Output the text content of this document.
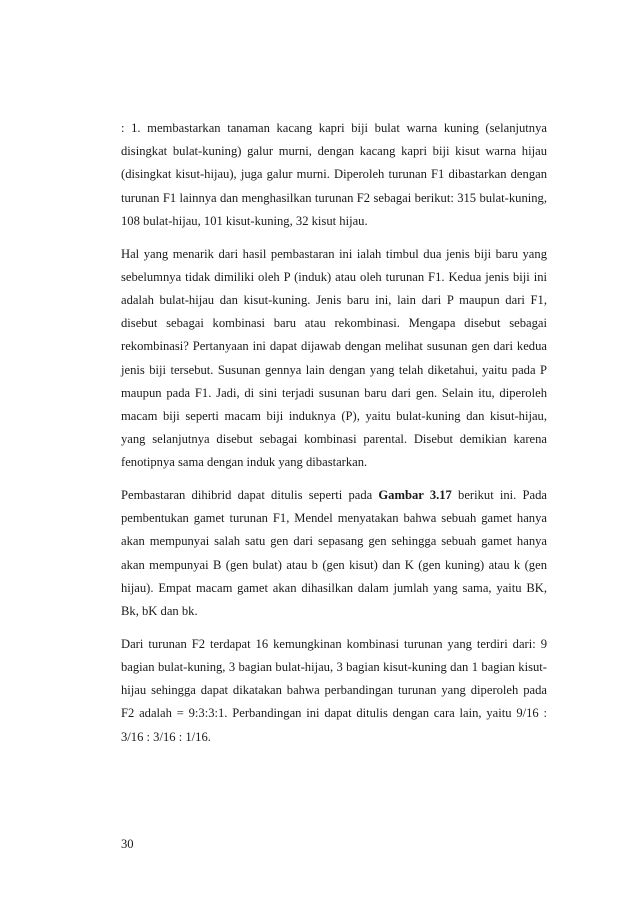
: 1. membastarkan tanaman kacang kapri biji bulat warna kuning (selanjutnya disingkat bulat-kuning) galur murni, dengan kacang kapri biji kisut warna hijau (disingkat kisut-hijau), juga galur murni. Diperoleh turunan F1 dibastarkan dengan turunan F1 lainnya dan menghasilkan turunan F2 sebagai berikut: 315 bulat-kuning, 108 bulat-hijau, 101 kisut-kuning, 32 kisut hijau.

Hal yang menarik dari hasil pembastaran ini ialah timbul dua jenis biji baru yang sebelumnya tidak dimiliki oleh P (induk) atau oleh turunan F1. Kedua jenis biji ini adalah bulat-hijau dan kisut-kuning. Jenis baru ini, lain dari P maupun dari F1, disebut sebagai kombinasi baru atau rekombinasi. Mengapa disebut sebagai rekombinasi? Pertanyaan ini dapat dijawab dengan melihat susunan gen dari kedua jenis biji tersebut. Susunan gennya lain dengan yang telah diketahui, yaitu pada P maupun pada F1. Jadi, di sini terjadi susunan baru dari gen. Selain itu, diperoleh macam biji seperti macam biji induknya (P), yaitu bulat-kuning dan kisut-hijau, yang selanjutnya disebut sebagai kombinasi parental. Disebut demikian karena fenotipnya sama dengan induk yang dibastarkan.

Pembastaran dihibrid dapat ditulis seperti pada Gambar 3.17 berikut ini. Pada pembentukan gamet turunan F1, Mendel menyatakan bahwa sebuah gamet hanya akan mempunyai salah satu gen dari sepasang gen sehingga sebuah gamet hanya akan mempunyai B (gen bulat) atau b (gen kisut) dan K (gen kuning) atau k (gen hijau). Empat macam gamet akan dihasilkan dalam jumlah yang sama, yaitu BK, Bk, bK dan bk.

Dari turunan F2 terdapat 16 kemungkinan kombinasi turunan yang terdiri dari: 9 bagian bulat-kuning, 3 bagian bulat-hijau, 3 bagian kisut-kuning dan 1 bagian kisut-hijau sehingga dapat dikatakan bahwa perbandingan turunan yang diperoleh pada F2 adalah = 9:3:3:1. Perbandingan ini dapat ditulis dengan cara lain, yaitu 9/16 : 3/16 : 3/16 : 1/16.

30
